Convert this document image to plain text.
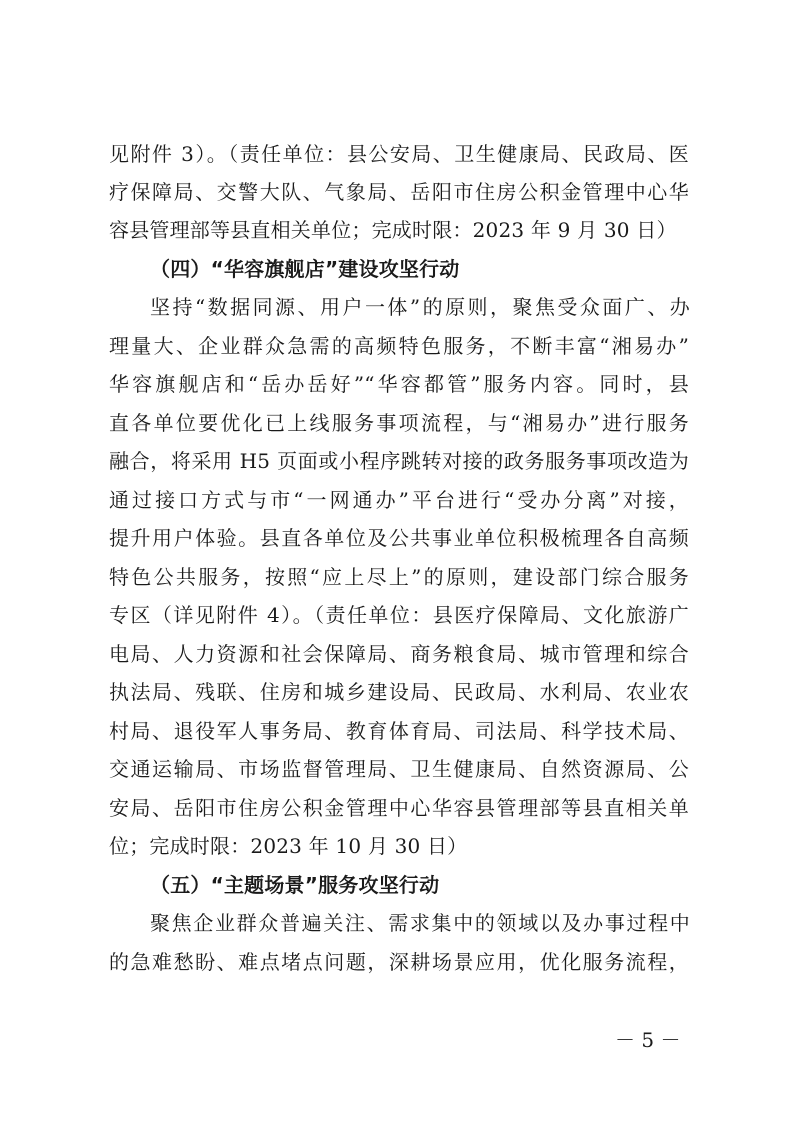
见附件 3）。（责任单位：县公安局、卫生健康局、民政局、医
疗保障局、交警大队、气象局、岳阳市住房公积金管理中心华
容县管理部等县直相关单位；完成时限：2023 年 9 月 30 日）
（四）“华容旗舰店”建设攻坚行动
坚持“数据同源、用户一体”的原则，聚焦受众面广、办
理量大、企业群众急需的高频特色服务，不断丰富“湘易办”
华容旗舰店和“岳办岳好”“华容都管”服务内容。同时，县
直各单位要优化已上线服务事项流程，与“湘易办”进行服务
融合，将采用 H5 页面或小程序跳转对接的政务服务事项改造为
通过接口方式与市“一网通办”平台进行“受办分离”对接，
提升用户体验。县直各单位及公共事业单位积极梳理各自高频
特色公共服务，按照“应上尽上”的原则，建设部门综合服务
专区（详见附件 4）。（责任单位：县医疗保障局、文化旅游广
电局、人力资源和社会保障局、商务粮食局、城市管理和综合
执法局、残联、住房和城乡建设局、民政局、水利局、农业农
村局、退役军人事务局、教育体育局、司法局、科学技术局、
交通运输局、市场监督管理局、卫生健康局、自然资源局、公
安局、岳阳市住房公积金管理中心华容县管理部等县直相关单
位；完成时限：2023 年 10 月 30 日）
（五）“主题场景”服务攻坚行动
聚焦企业群众普遍关注、需求集中的领域以及办事过程中
的急难愁盼、难点堵点问题，深耕场景应用，优化服务流程，
－ 5 －
